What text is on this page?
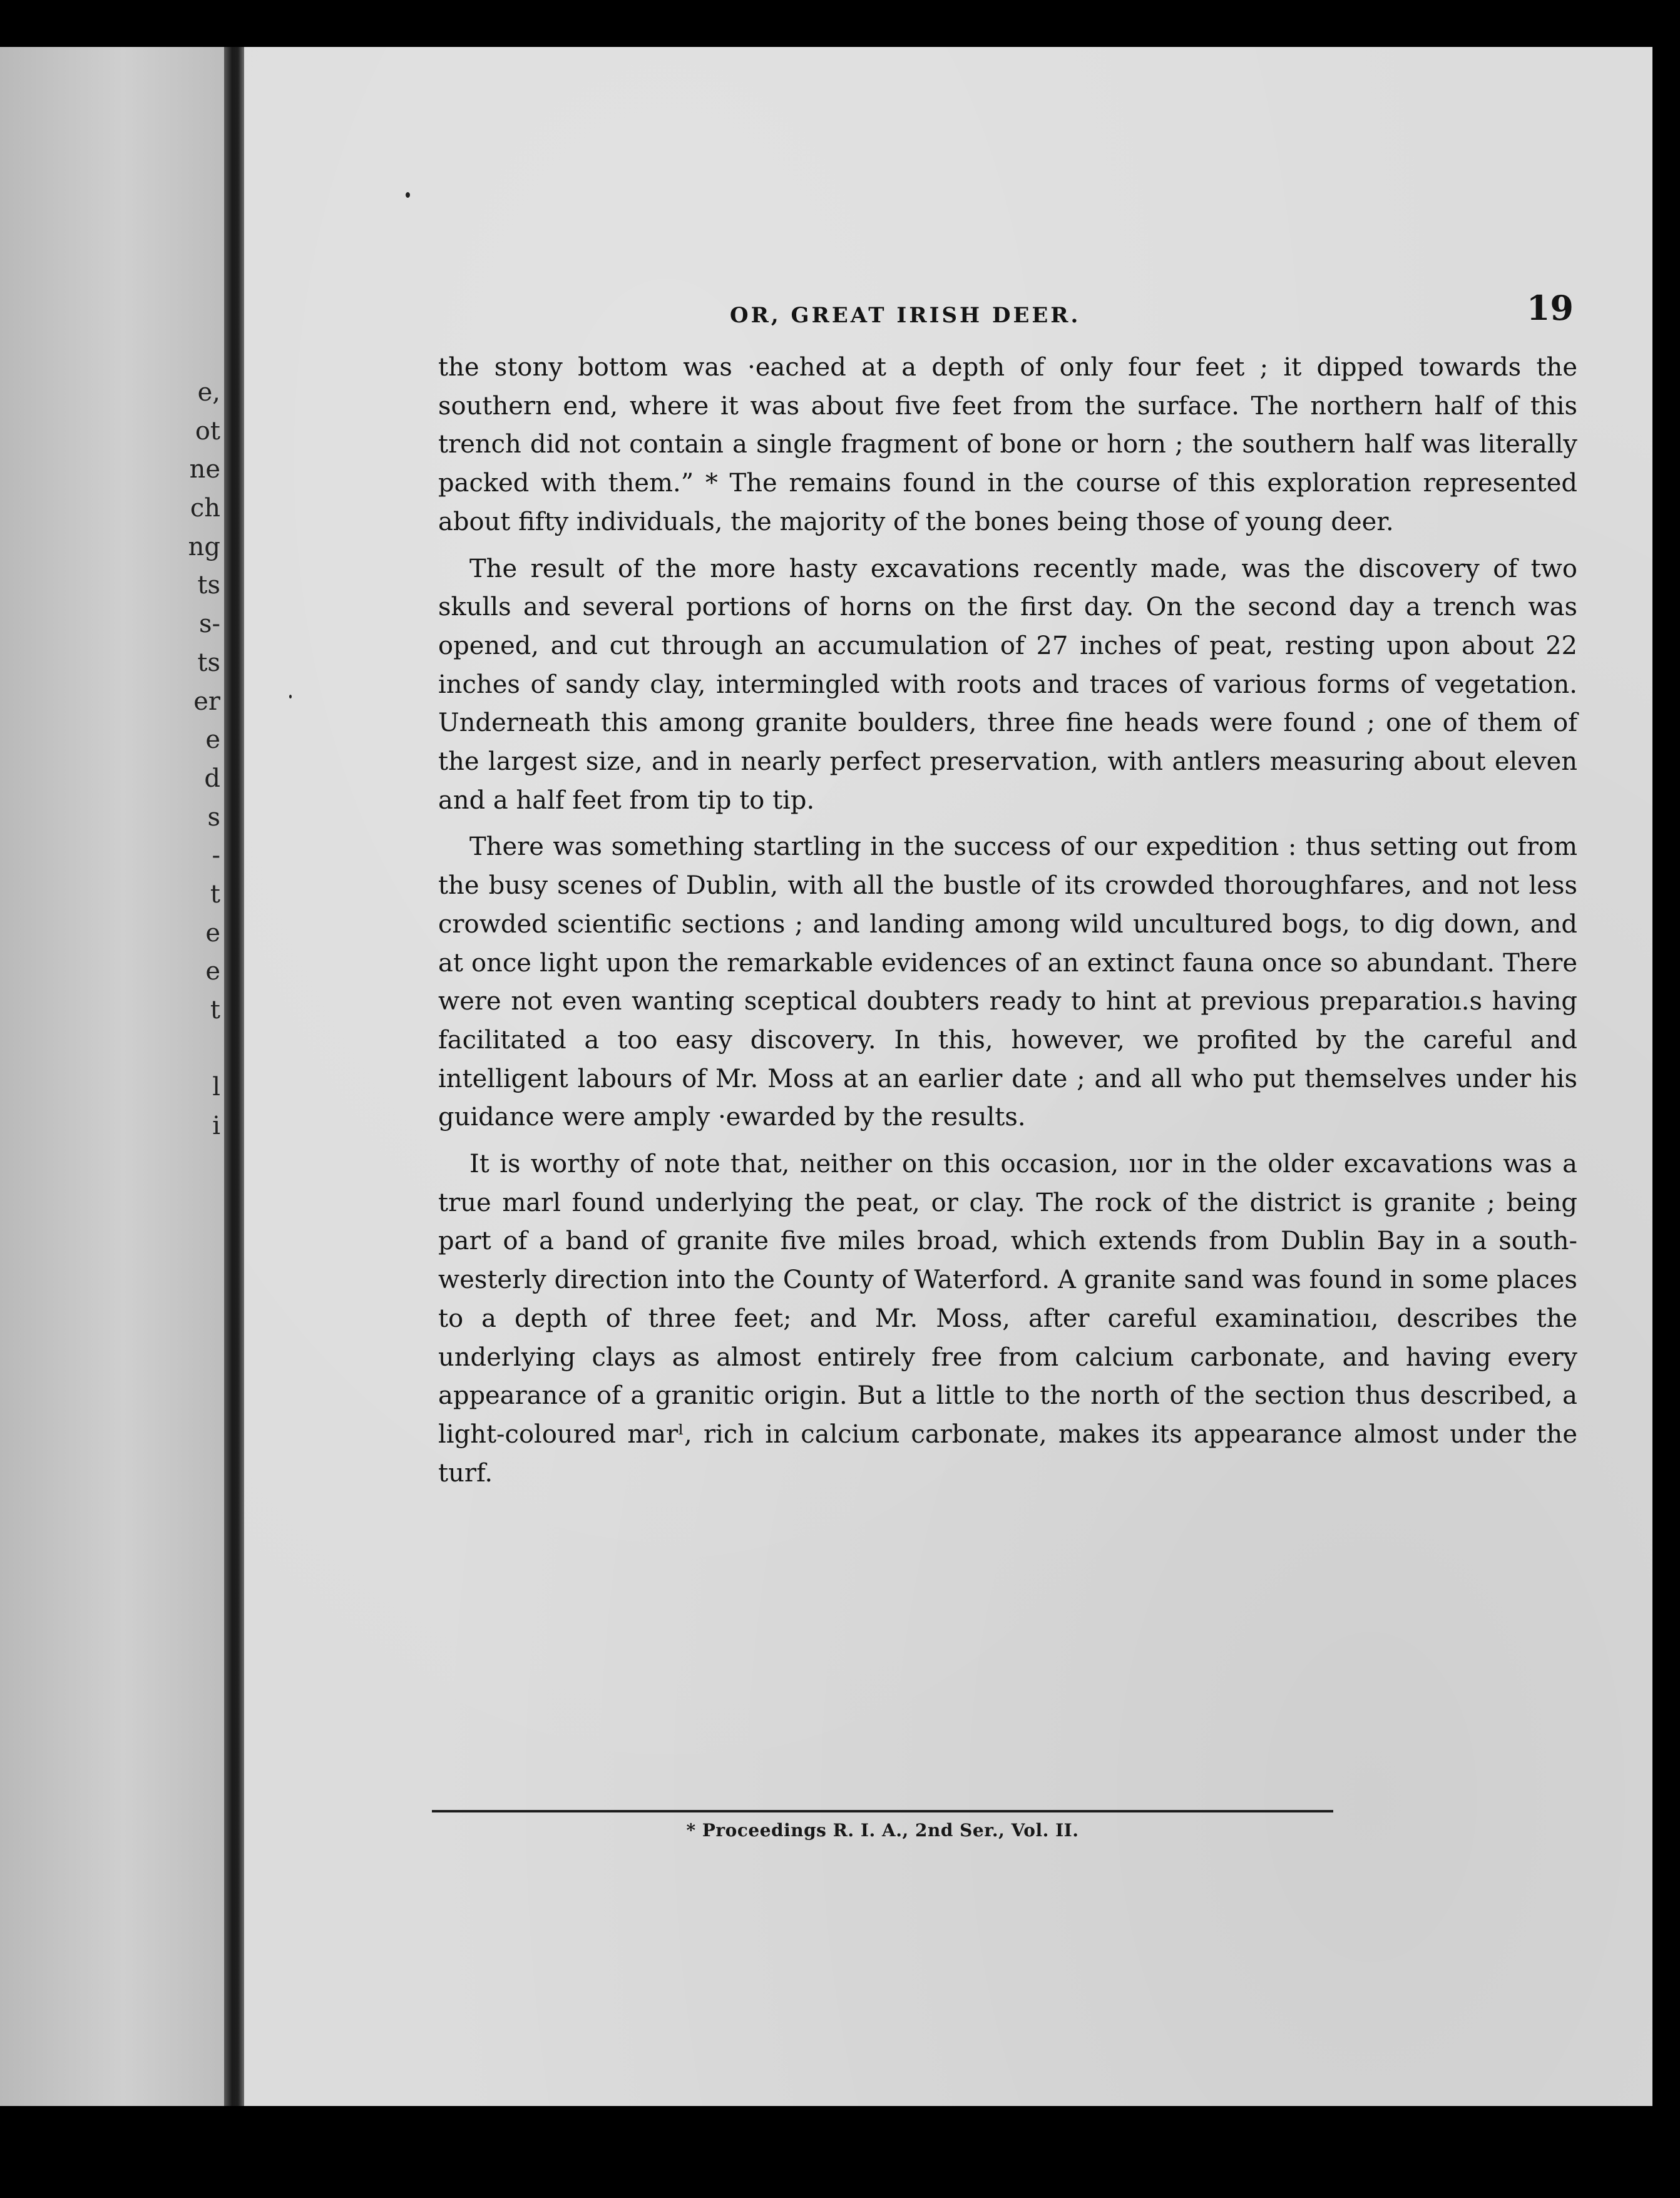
e,
ot
ne
ch
ng
ts
s-
ts
er
e
d
s
-
t
e
e
t
l
i
OR, GREAT IRISH DEER.	19

the stony bottom was ·eached at a depth of only four feet ; it dipped towards the southern end, where it was about five feet from the surface. The northern half of this trench did not contain a single fragment of bone or horn ; the southern half was literally packed with them.” * The remains found in the course of this exploration represented about fifty individuals, the majority of the bones being those of young deer.

The result of the more hasty excavations recently made, was the discovery of two skulls and several portions of horns on the first day. On the second day a trench was opened, and cut through an accumulation of 27 inches of peat, resting upon about 22 inches of sandy clay, intermingled with roots and traces of various forms of vegetation. Underneath this among granite boulders, three fine heads were found ; one of them of the largest size, and in nearly perfect preservation, with antlers measuring about eleven and a half feet from tip to tip.

There was something startling in the success of our expedition : thus setting out from the busy scenes of Dublin, with all the bustle of its crowded thoroughfares, and not less crowded scientific sections ; and landing among wild uncultured bogs, to dig down, and at once light upon the remarkable evidences of an extinct fauna once so abundant. There were not even wanting sceptical doubters ready to hint at previous preparatioı.s having facilitated a too easy discovery. In this, however, we profited by the careful and intelligent labours of Mr. Moss at an earlier date ; and all who put themselves under his guidance were amply ·ewarded by the results.

It is worthy of note that, neither on this occasion, ııor in the older excavations was a true marl found underlying the peat, or clay. The rock of the district is granite ; being part of a band of granite five miles broad, which extends from Dublin Bay in a south-westerly direction into the County of Waterford. A granite sand was found in some places to a depth of three feet; and Mr. Moss, after careful examinatioıı, describes the underlying clays as almost entirely free from calcium carbonate, and having every appearance of a granitic origin. But a little to the north of the section thus described, a light-coloured marˡ, rich in calcium carbonate, makes its appearance almost under the turf.

* Proceedings R. I. A., 2nd Ser., Vol. II.
